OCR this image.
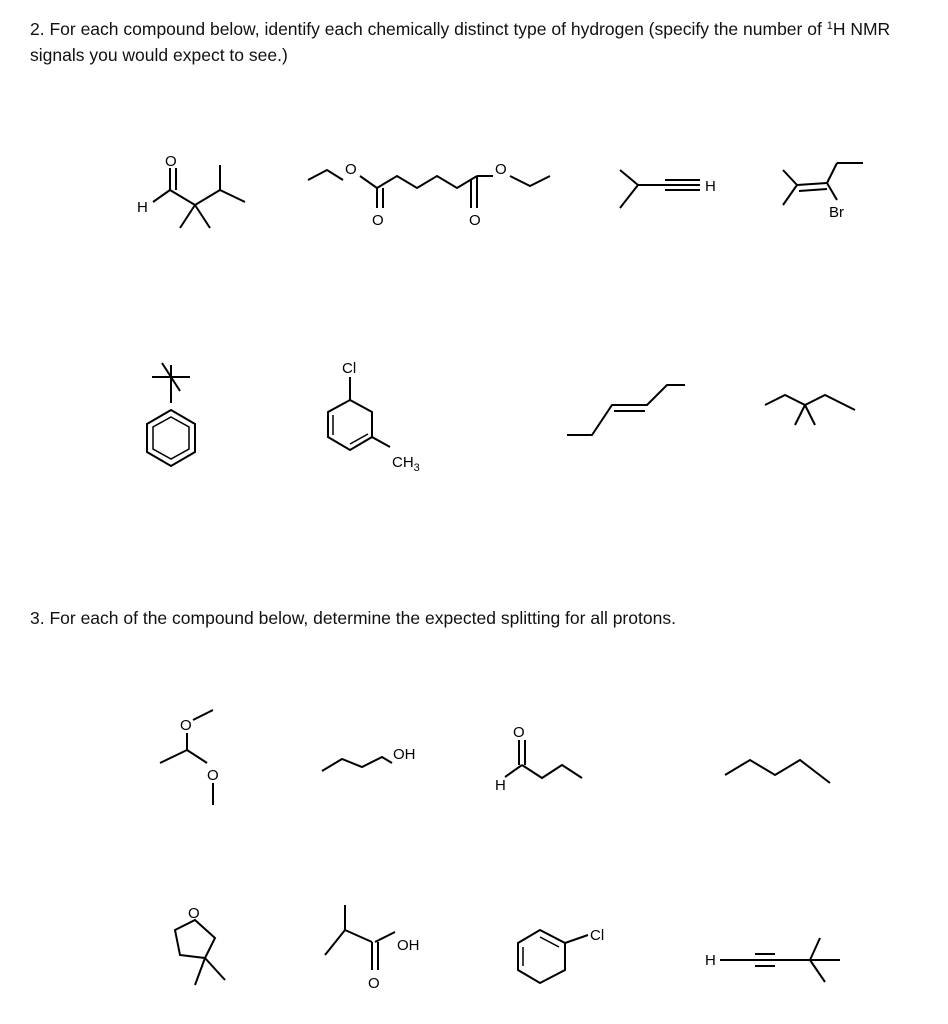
2. For each compound below, identify each chemically distinct type of hydrogen (specify the number of $^1$H NMR signals you would expect to see.)
H
O	O
O	O
O
H
Br
Cl
$CH_3$
3. For each of the compound below, determine the expected splitting for all protons.
O
O
OH
O
H
O
O
OH
Cl
H
